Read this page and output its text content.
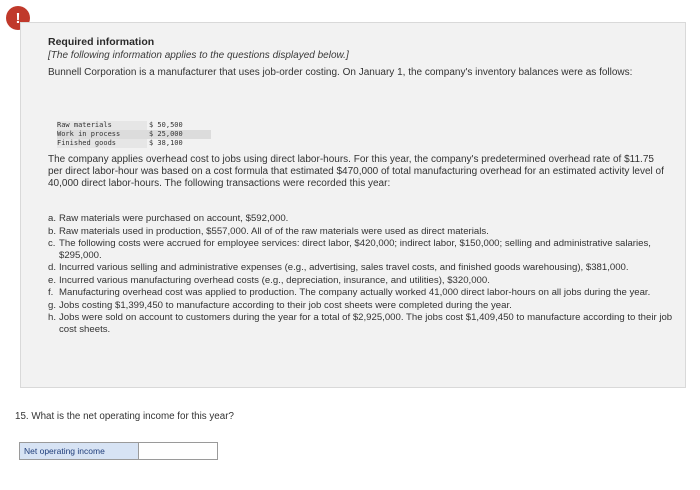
!
Required information
[The following information applies to the questions displayed below.]
Bunnell Corporation is a manufacturer that uses job-order costing. On January 1, the company's inventory balances were as follows:
Raw materials	$ 50,500
Work in process	$ 25,000
Finished goods	$ 38,100
The company applies overhead cost to jobs using direct labor-hours. For this year, the company's predetermined overhead rate of $11.75 per direct labor-hour was based on a cost formula that estimated $470,000 of total manufacturing overhead for an estimated activity level of 40,000 direct labor-hours. The following transactions were recorded this year:
a. Raw materials were purchased on account, $592,000.
b. Raw materials used in production, $557,000. All of of the raw materials were used as direct materials.
c. The following costs were accrued for employee services: direct labor, $420,000; indirect labor, $150,000; selling and administrative salaries, $295,000.
d. Incurred various selling and administrative expenses (e.g., advertising, sales travel costs, and finished goods warehousing), $381,000.
e. Incurred various manufacturing overhead costs (e.g., depreciation, insurance, and utilities), $320,000.
f. Manufacturing overhead cost was applied to production. The company actually worked 41,000 direct labor-hours on all jobs during the year.
g. Jobs costing $1,399,450 to manufacture according to their job cost sheets were completed during the year.
h. Jobs were sold on account to customers during the year for a total of $2,925,000. The jobs cost $1,409,450 to manufacture according to their job cost sheets.
15. What is the net operating income for this year?
Net operating income
